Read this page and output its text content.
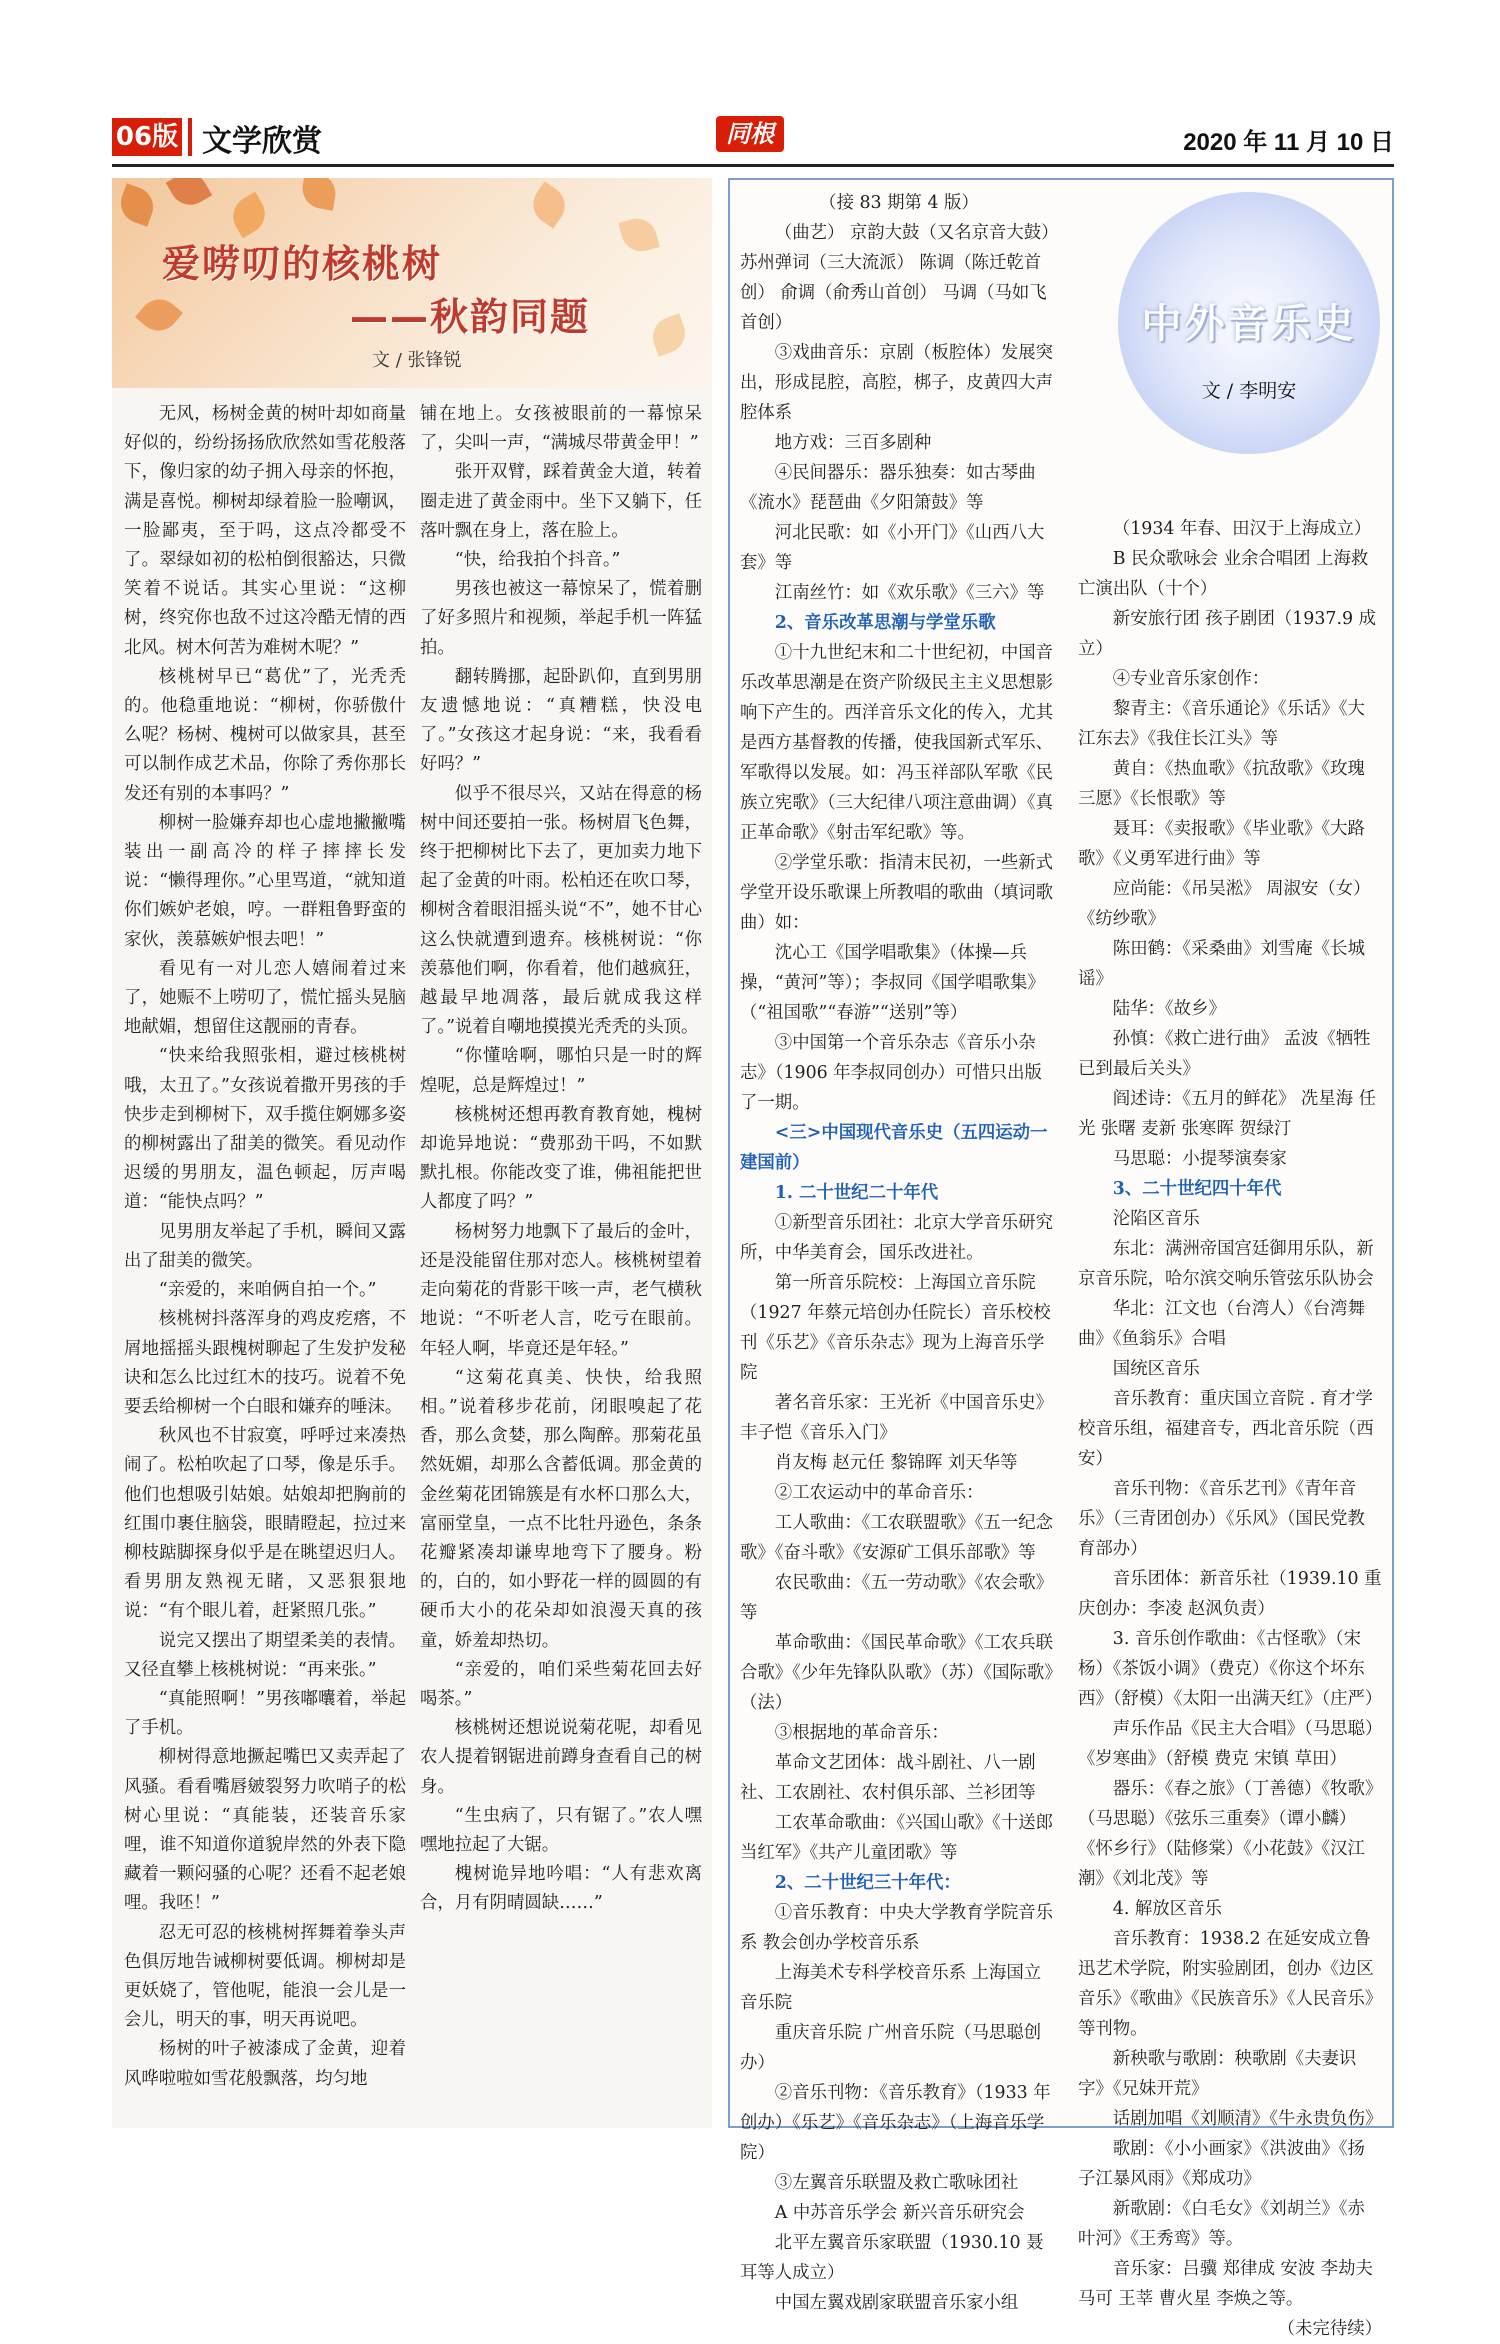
06版 文学欣赏	同根	2020 年 11 月 10 日
爱唠叨的核桃树
——秋韵同题
文 / 张锋锐

无风，杨树金黄的树叶却如商量好似的，纷纷扬扬欣欣然如雪花般落下，像归家的幼子拥入母亲的怀抱，满是喜悦。柳树却绿着脸一脸嘲讽，一脸鄙夷，至于吗，这点冷都受不了。翠绿如初的松柏倒很豁达，只微笑着不说话。其实心里说：“这柳树，终究你也敌不过这冷酷无情的西北风。树木何苦为难树木呢？”

核桃树早已“葛优”了，光秃秃的。他稳重地说：“柳树，你骄傲什么呢？杨树、槐树可以做家具，甚至可以制作成艺术品，你除了秀你那长发还有别的本事吗？”

柳树一脸嫌弃却也心虚地撇撇嘴装出一副高冷的样子摔摔长发说：“懒得理你。”心里骂道，“就知道你们嫉妒老娘，哼。一群粗鲁野蛮的家伙，羡慕嫉妒恨去吧！”

看见有一对儿恋人嬉闹着过来了，她赈不上唠叨了，慌忙摇头晃脑地献媚，想留住这靓丽的青春。

“快来给我照张相，避过核桃树哦，太丑了。”女孩说着撒开男孩的手快步走到柳树下，双手揽住婀娜多姿的柳树露出了甜美的微笑。看见动作迟缓的男朋友，温色顿起，厉声喝道：“能快点吗？”

见男朋友举起了手机，瞬间又露出了甜美的微笑。

“亲爱的，来咱俩自拍一个。”

核桃树抖落浑身的鸡皮疙瘩，不屑地摇摇头跟槐树聊起了生发护发秘诀和怎么比过红木的技巧。说着不免要丢给柳树一个白眼和嫌弃的唾沫。

秋风也不甘寂寞，呼呼过来凑热闹了。松柏吹起了口琴，像是乐手。他们也想吸引姑娘。姑娘却把胸前的红围巾裹住脑袋，眼睛瞪起，拉过来柳枝踮脚探身似乎是在眺望迟归人。看男朋友熟视无睹，又恶狠狠地说：“有个眼儿着，赶紧照几张。”

说完又摆出了期望柔美的表情。又径直攀上核桃树说：“再来张。”

“真能照啊！”男孩嘟囔着，举起了手机。

柳树得意地撅起嘴巴又卖弄起了风骚。看看嘴唇皴裂努力吹哨子的松树心里说：“真能装，还装音乐家哩，谁不知道你道貌岸然的外表下隐藏着一颗闷骚的心呢？还看不起老娘哩。我呸！”

忍无可忍的核桃树挥舞着拳头声色俱厉地告诫柳树要低调。柳树却是更妖娆了，管他呢，能浪一会儿是一会儿，明天的事，明天再说吧。

杨树的叶子被漆成了金黄，迎着风哗啦啦如雪花般飘落，均匀地

铺在地上。女孩被眼前的一幕惊呆了，尖叫一声，“满城尽带黄金甲！”

张开双臂，踩着黄金大道，转着圈走进了黄金雨中。坐下又躺下，任落叶飘在身上，落在脸上。

“快，给我拍个抖音。”

男孩也被这一幕惊呆了，慌着删了好多照片和视频，举起手机一阵猛拍。

翻转腾挪，起卧趴仰，直到男朋友遗憾地说：“真糟糕，快没电了。”女孩这才起身说：“来，我看看好吗？”

似乎不很尽兴，又站在得意的杨树中间还要拍一张。杨树眉飞色舞，终于把柳树比下去了，更加卖力地下起了金黄的叶雨。松柏还在吹口琴，柳树含着眼泪摇头说“不”，她不甘心这么快就遭到遗弃。核桃树说：“你羡慕他们啊，你看着，他们越疯狂，越最早地凋落，最后就成我这样了。”说着自嘲地摸摸光秃秃的头顶。

“你懂啥啊，哪怕只是一时的辉煌呢，总是辉煌过！”

核桃树还想再教育教育她，槐树却诡异地说：“费那劲干吗，不如默默扎根。你能改变了谁，佛祖能把世人都度了吗？”

杨树努力地飘下了最后的金叶，还是没能留住那对恋人。核桃树望着走向菊花的背影干咳一声，老气横秋地说：“不听老人言，吃亏在眼前。年轻人啊，毕竟还是年轻。”

“这菊花真美、快快，给我照相。”说着移步花前，闭眼嗅起了花香，那么贪婪，那么陶醉。那菊花虽然妩媚，却那么含蓄低调。那金黄的金丝菊花团锦簇是有水杯口那么大，富丽堂皇，一点不比牡丹逊色，条条花瓣紧凑却谦卑地弯下了腰身。粉的，白的，如小野花一样的圆圆的有硬币大小的花朵却如浪漫天真的孩童，娇羞却热切。

“亲爱的，咱们采些菊花回去好喝茶。”

核桃树还想说说菊花呢，却看见农人提着钢锯进前蹲身查看自己的树身。

“生虫病了，只有锯了。”农人嘿嘿地拉起了大锯。

槐树诡异地吟唱：“人有悲欢离合，月有阴晴圆缺……”

中外音乐史
文 / 李明安

（接 83 期第 4 版）

（曲艺） 京韵大鼓（又名京音大鼓）苏州弹词（三大流派） 陈调（陈迁乾首创） 俞调（俞秀山首创） 马调（马如飞首创）

③戏曲音乐：京剧（板腔体）发展突出，形成昆腔，高腔，梆子，皮黄四大声腔体系

地方戏：三百多剧种

④民间器乐：器乐独奏：如古琴曲《流水》琵琶曲《夕阳箫鼓》等

河北民歌：如《小开门》《山西八大套》等

江南丝竹：如《欢乐歌》《三六》等

2、音乐改革思潮与学堂乐歌

①十九世纪末和二十世纪初，中国音乐改革思潮是在资产阶级民主主义思想影响下产生的。西洋音乐文化的传入，尤其是西方基督教的传播，使我国新式军乐、军歌得以发展。如：冯玉祥部队军歌《民族立宪歌》（三大纪律八项注意曲调）《真正革命歌》《射击军纪歌》等。

②学堂乐歌：指清末民初，一些新式学堂开设乐歌课上所教唱的歌曲（填词歌曲）如：

沈心工《国学唱歌集》（体操—兵操，“黄河”等）；李叔同《国学唱歌集》（“祖国歌”“春游”“送别”等）

③中国第一个音乐杂志《音乐小杂志》（1906 年李叔同创办）可惜只出版了一期。

<三>中国现代音乐史（五四运动一建国前）

1. 二十世纪二十年代

①新型音乐团社：北京大学音乐研究所，中华美育会，国乐改进社。

第一所音乐院校：上海国立音乐院（1927 年蔡元培创办任院长）音乐校校刊《乐艺》《音乐杂志》现为上海音乐学院

著名音乐家：王光祈《中国音乐史》丰子恺《音乐入门》

肖友梅 赵元任 黎锦晖 刘天华等

②工农运动中的革命音乐：

工人歌曲：《工农联盟歌》《五一纪念歌》《奋斗歌》《安源矿工俱乐部歌》等

农民歌曲：《五一劳动歌》《农会歌》等

革命歌曲：《国民革命歌》《工农兵联合歌》《少年先锋队队歌》（苏）《国际歌》（法）

③根据地的革命音乐：

革命文艺团体：战斗剧社、八一剧社、工农剧社、农村俱乐部、兰衫团等

工农革命歌曲：《兴国山歌》《十送郎当红军》《共产儿童团歌》等

2、二十世纪三十年代：

①音乐教育：中央大学教育学院音乐系 教会创办学校音乐系

上海美术专科学校音乐系 上海国立音乐院

重庆音乐院 广州音乐院（马思聪创办）

②音乐刊物：《音乐教育》（1933 年创办）《乐艺》《音乐杂志》（上海音乐学院）

③左翼音乐联盟及救亡歌咏团社

A 中苏音乐学会 新兴音乐研究会

北平左翼音乐家联盟（1930.10 聂耳等人成立）

中国左翼戏剧家联盟音乐家小组

（1934 年春、田汉于上海成立）

B 民众歌咏会 业余合唱团 上海救亡演出队（十个）

新安旅行团 孩子剧团（1937.9 成立）

④专业音乐家创作：

黎青主：《音乐通论》《乐话》《大江东去》《我住长江头》等

黄自：《热血歌》《抗敌歌》《玫瑰三愿》《长恨歌》等

聂耳：《卖报歌》《毕业歌》《大路歌》《义勇军进行曲》等

应尚能：《吊吴淞》 周淑安（女）《纺纱歌》

陈田鹤：《采桑曲》刘雪庵《长城谣》

陆华：《故乡》

孙慎：《救亡进行曲》 孟波《牺牲已到最后关头》

阎述诗：《五月的鲜花》 冼星海 任光 张曙 麦新 张寒晖 贺绿汀

马思聪：小提琴演奏家

3、二十世纪四十年代

沦陷区音乐

东北：满洲帝国宫廷御用乐队，新京音乐院，哈尔滨交响乐管弦乐队协会

华北：江文也（台湾人）《台湾舞曲》《鱼翁乐》合唱

国统区音乐

音乐教育：重庆国立音院 . 育才学校音乐组，福建音专，西北音乐院（西安）

音乐刊物：《音乐艺刊》《青年音乐》（三青团创办）《乐风》（国民党教育部办）

音乐团体：新音乐社（1939.10 重庆创办：李凌 赵沨负责）

3. 音乐创作歌曲：《古怪歌》（宋杨）《茶饭小调》（费克）《你这个坏东西》（舒模）《太阳一出满天红》（庄严）

声乐作品《民主大合唱》（马思聪）《岁寒曲》（舒模 费克 宋镇 草田）

器乐：《春之旅》（丁善德）《牧歌》（马思聪）《弦乐三重奏》（谭小麟）《怀乡行》（陆修棠）《小花鼓》《汉江潮》《刘北茂》等

4. 解放区音乐

音乐教育：1938.2 在延安成立鲁迅艺术学院，附实验剧团，创办《边区音乐》《歌曲》《民族音乐》《人民音乐》等刊物。

新秧歌与歌剧：秧歌剧《夫妻识字》《兄妹开荒》

话剧加唱《刘顺清》《牛永贵负伤》

歌剧：《小小画家》《洪波曲》《扬子江暴风雨》《郑成功》

新歌剧：《白毛女》《刘胡兰》《赤叶河》《王秀鸾》等。

音乐家：吕骥 郑律成 安波 李劫夫 马可 王莘 曹火星 李焕之等。

（未完待续）
